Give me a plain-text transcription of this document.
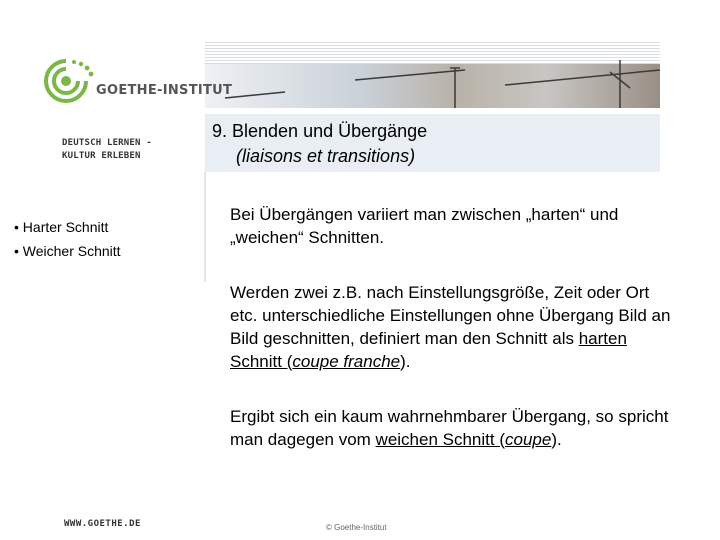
GOETHE-INSTITUT
DEUTSCH LERNEN -
KULTUR ERLEBEN
9. Blenden und Übergänge
(liaisons et transitions)
• Harter Schnitt
• Weicher Schnitt
Bei Übergängen variiert man zwischen „harten“ und „weichen“ Schnitten.
Werden zwei z.B. nach Einstellungsgröße, Zeit oder Ort etc. unterschiedliche Einstellungen ohne Übergang Bild an Bild geschnitten, definiert man den Schnitt als harten Schnitt (coupe franche).
Ergibt sich ein kaum wahrnehmbarer Übergang, so spricht man dagegen vom weichen Schnitt (coupe).
WWW.GOETHE.DE	© Goethe-Institut
